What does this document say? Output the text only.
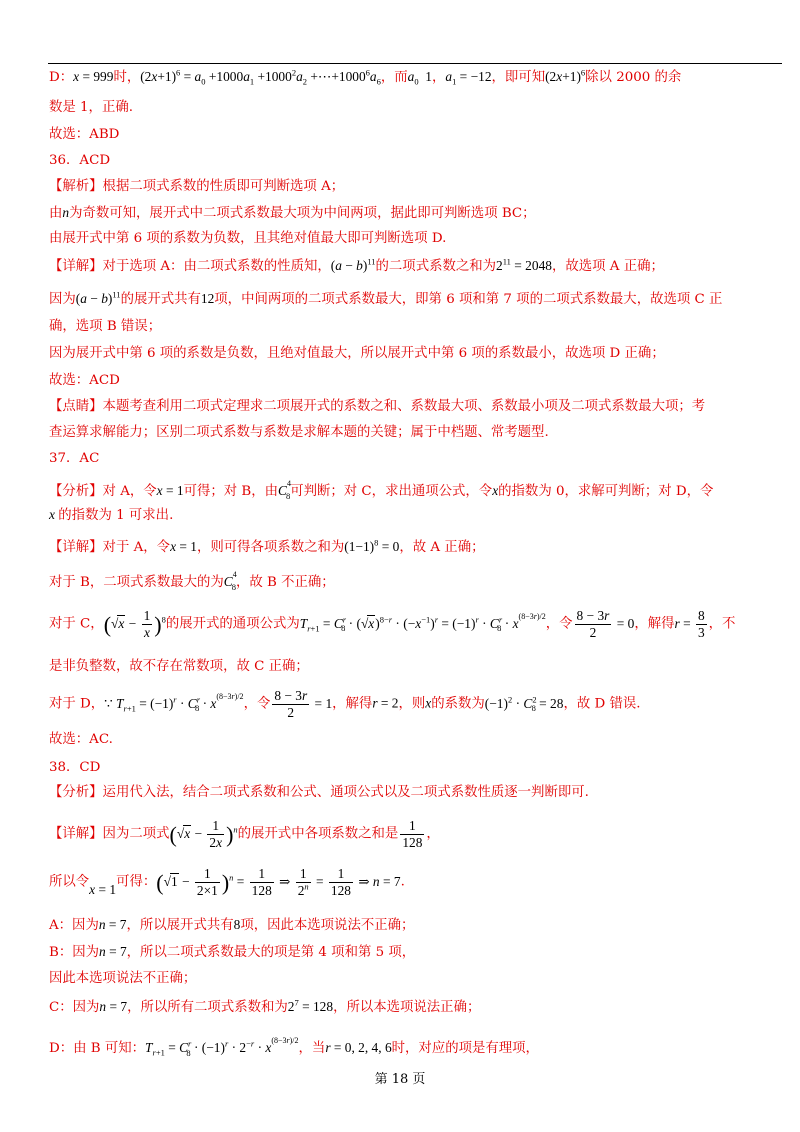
D：x = 999时，$(2x+1)^6 = a_0 +1000a_1 +1000^2a_2$ $+\cdots+1000^6a_6$，而$a_0$  1，$a_1 = -12$，即可知$(2x+1)^6$除以 2000 的余
数是 1，正确.
故选：ABD
36．ACD
【解析】根据二项式系数的性质即可判断选项 A；
由n为奇数可知，展开式中二项式系数最大项为中间两项，据此即可判断选项 BC；
由展开式中第 6 项的系数为负数，且其绝对值最大即可判断选项 D.
【详解】对于选项 A：由二项式系数的性质知，$(a - b)^{11}$的二项式系数之和为$2^{11} = 2048$，故选项 A 正确；
因为$(a - b)^{11}$的展开式共有12项，中间两项的二项式系数最大，即第 6 项和第 7 项的二项式系数最大，故选项 C 正
确，选项 B 错误；
因为展开式中第 6 项的系数是负数，且绝对值最大，所以展开式中第 6 项的系数最小，故选项 D 正确；
故选：ACD
【点睛】本题考查利用二项式定理求二项展开式的系数之和、系数最大项、系数最小项及二项式系数最大项；考
查运算求解能力；区别二项式系数与系数是求解本题的关键；属于中档题、常考题型.
37．AC
【分析】对 A，令x = 1可得；对 B，由$C^4_8$可判断；对 C，求出通项公式，令x的指数为 0，求解可判断；对 D，令
x 的指数为 1 可求出.
【详解】对于 A，令x = 1，则可得各项系数之和为$(1-1)^8 = 0$，故 A 正确；
对于 B，二项式系数最大的为$C^4_8$，故 B 不正确；
对于 C，$(√x - \frac{1}{x} )^8$的展开式的通项公式为$T_{r+1} = C^r_8 \cdot (√x)^{8-r} \cdot (-x^{-1})^r = (-1)^r \cdot C^r_8 \cdot x^{(8-3r)/2}$，令 $\frac{8 - 3r}{2} = 0$，解得$r = \frac{8}{3}$ ，不
是非负整数，故不存在常数项，故 C 正确；
对于 D，∵ $T_{r+1} = (-1)^r \cdot C^r_8 \cdot x^{(8-3r)/2}$，令 $\frac{8 - 3r}{2} = 1$，解得r = 2，则x的系数为$(-1)^2 \cdot C^2_8 = 28$，故 D 错误.
故选：AC.
38．CD
【分析】运用代入法，结合二项式系数和公式、通项公式以及二项式系数性质逐一判断即可.
【详解】因为二项式$(√x - \frac{1}{2x} )^n$的展开式中各项系数之和是 $\frac{1}{128}$ ，
所以令x = 1可得：$(√1 - \frac{1}{2\times 1} )^n = \frac{1}{128}$ ⇒ $\frac{1}{2^n} = \frac{1}{128}$ ⇒ n = 7.
A：因为n = 7，所以展开式共有8项，因此本选项说法不正确；
B：因为n = 7，所以二项式系数最大的项是第 4 项和第 5 项，
因此本选项说法不正确；
C：因为n = 7，所以所有二项式系数和为$2^7 = 128$，所以本选项说法正确；
D：由 B 可知：$T_{r+1} = C^r_8 \cdot (-1)^r \cdot 2^{-r} \cdot x^{(8-3r)/2}$，当r = 0, 2, 4, 6时，对应的项是有理项，
第 18 页
